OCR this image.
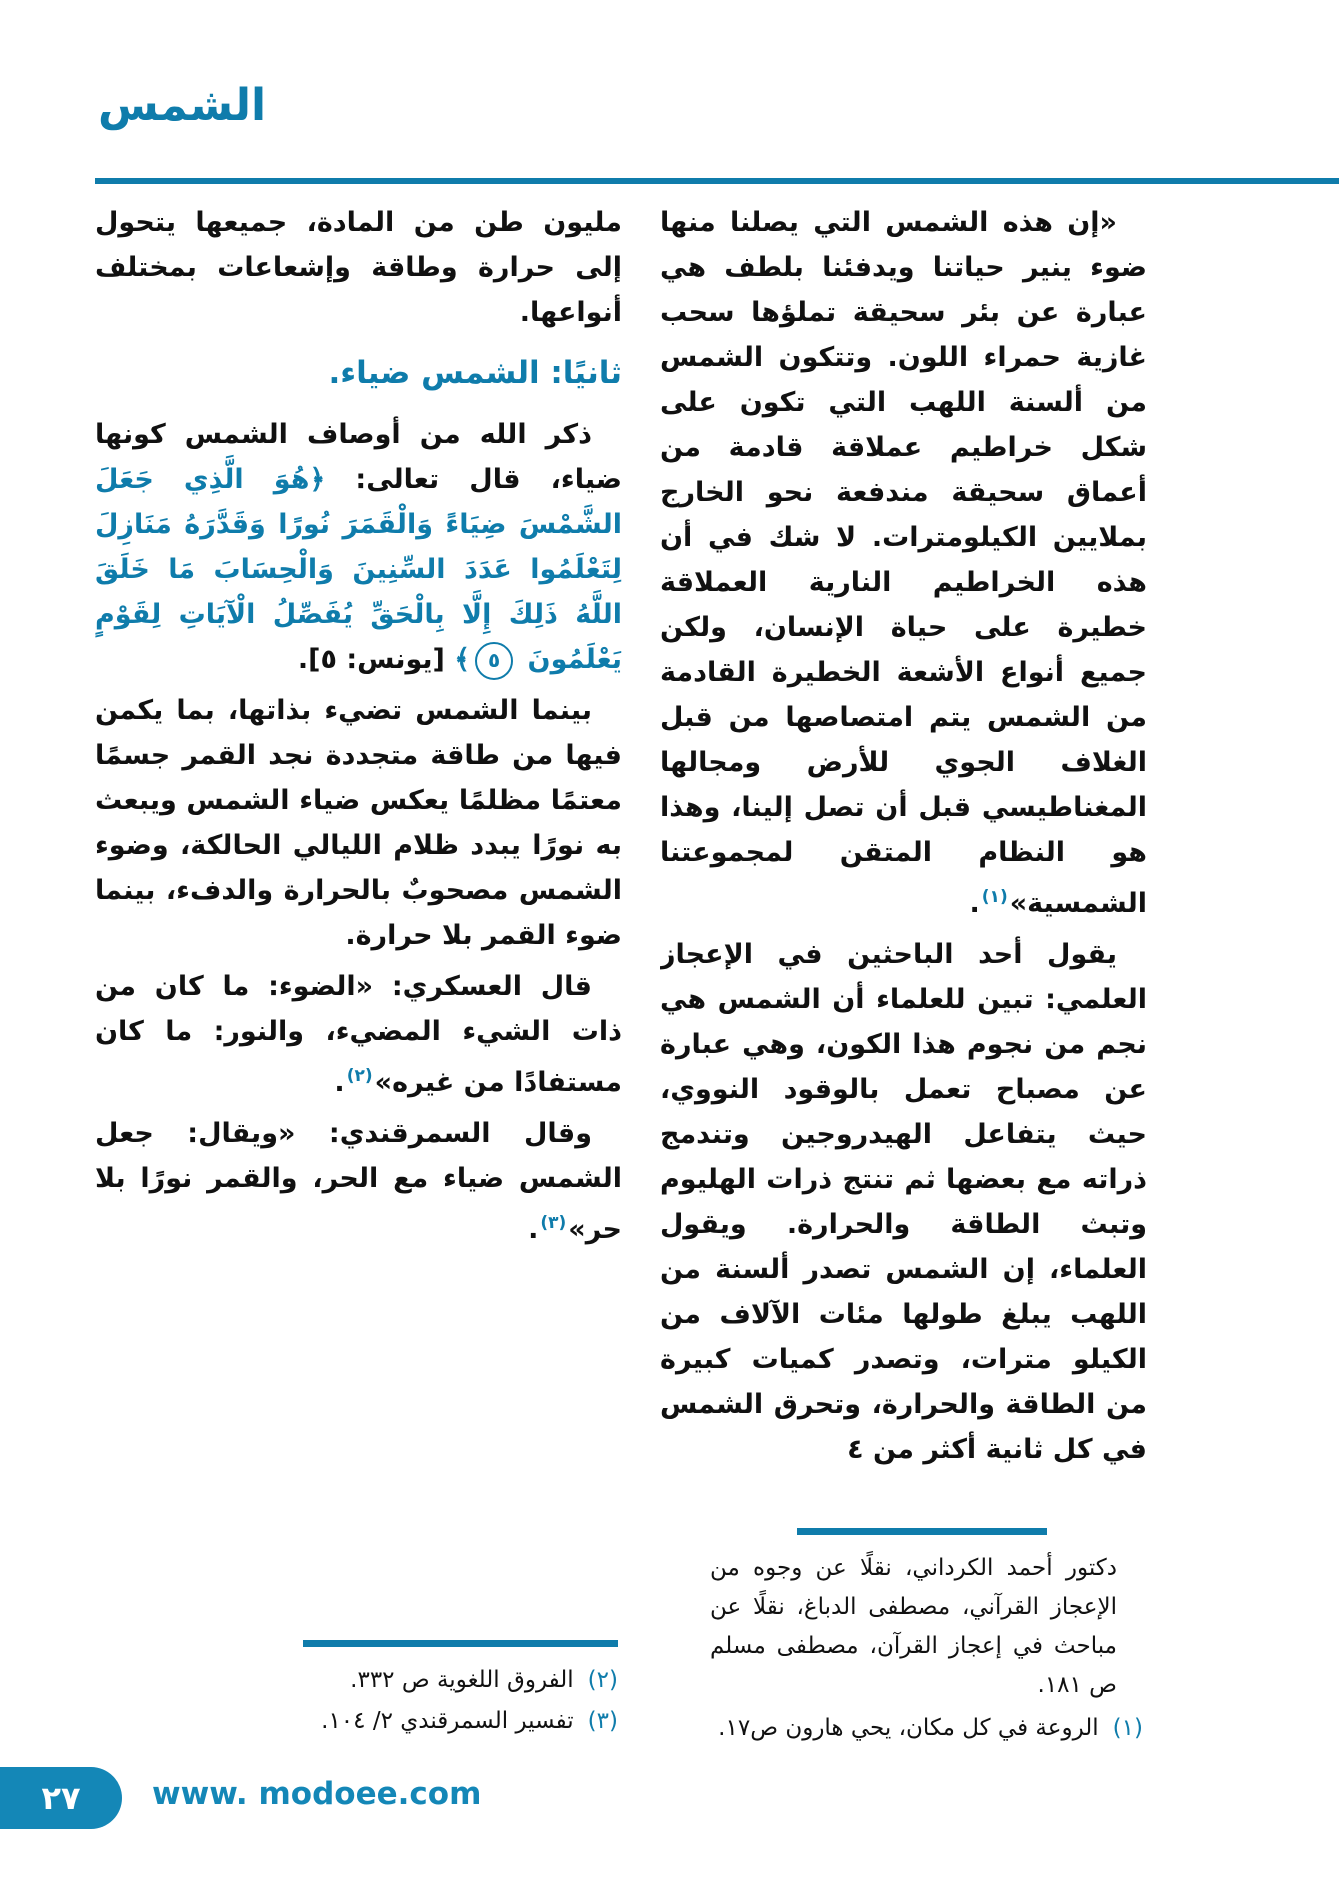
الشمس

«إن هذه الشمس التي يصلنا منها ضوء ينير حياتنا ويدفئنا بلطف هي عبارة عن بئر سحيقة تملؤها سحب غازية حمراء اللون. وتتكون الشمس من ألسنة اللهب التي تكون على شكل خراطيم عملاقة قادمة من أعماق سحيقة مندفعة نحو الخارج بملايين الكيلومترات. لا شك في أن هذه الخراطيم النارية العملاقة خطيرة على حياة الإنسان، ولكن جميع أنواع الأشعة الخطيرة القادمة من الشمس يتم امتصاصها من قبل الغلاف الجوي للأرض ومجالها المغناطيسي قبل أن تصل إلينا، وهذا هو النظام المتقن لمجموعتنا الشمسية»$^{(١)}$.

يقول أحد الباحثين في الإعجاز العلمي: تبين للعلماء أن الشمس هي نجم من نجوم هذا الكون، وهي عبارة عن مصباح تعمل بالوقود النووي، حيث يتفاعل الهيدروجين وتندمج ذراته مع بعضها ثم تنتج ذرات الهليوم وتبث الطاقة والحرارة. ويقول العلماء، إن الشمس تصدر ألسنة من اللهب يبلغ طولها مئات الآلاف من الكيلو مترات، وتصدر كميات كبيرة من الطاقة والحرارة، وتحرق الشمس في كل ثانية أكثر من ٤

مليون طن من المادة، جميعها يتحول إلى حرارة وطاقة وإشعاعات بمختلف أنواعها.

ثانيًا: الشمس ضياء.

ذكر الله من أوصاف الشمس كونها ضياء، قال تعالى: ﴿هُوَ الَّذِي جَعَلَ الشَّمْسَ ضِيَاءً وَالْقَمَرَ نُورًا وَقَدَّرَهُ مَنَازِلَ لِتَعْلَمُوا عَدَدَ السِّنِينَ وَالْحِسَابَ مَا خَلَقَ اللَّهُ ذَلِكَ إِلَّا بِالْحَقِّ يُفَصِّلُ الْآيَاتِ لِقَوْمٍ يَعْلَمُونَ ٥﴾ [يونس: ٥].

بينما الشمس تضيء بذاتها، بما يكمن فيها من طاقة متجددة نجد القمر جسمًا معتمًا مظلمًا يعكس ضياء الشمس ويبعث به نورًا يبدد ظلام الليالي الحالكة، وضوء الشمس مصحوبٌ بالحرارة والدفء، بينما ضوء القمر بلا حرارة.

قال العسكري: «الضوء: ما كان من ذات الشيء المضيء، والنور: ما كان مستفادًا من غيره»$^{(٢)}$.

وقال السمرقندي: «ويقال: جعل الشمس ضياء مع الحر، والقمر نورًا بلا حر»$^{(٣)}$.

دكتور أحمد الكرداني، نقلًا عن وجوه من الإعجاز القرآني، مصطفى الدباغ، نقلًا عن مباحث في إعجاز القرآن، مصطفى مسلم ص ١٨١.

(١)
الروعة في كل مكان، يحي هارون ص١٧.
(٢)
الفروق اللغوية ص ٣٣٢.
(٣)
تفسير السمرقندي ٢/ ١٠٤.
٢٧ www. modoee.com
